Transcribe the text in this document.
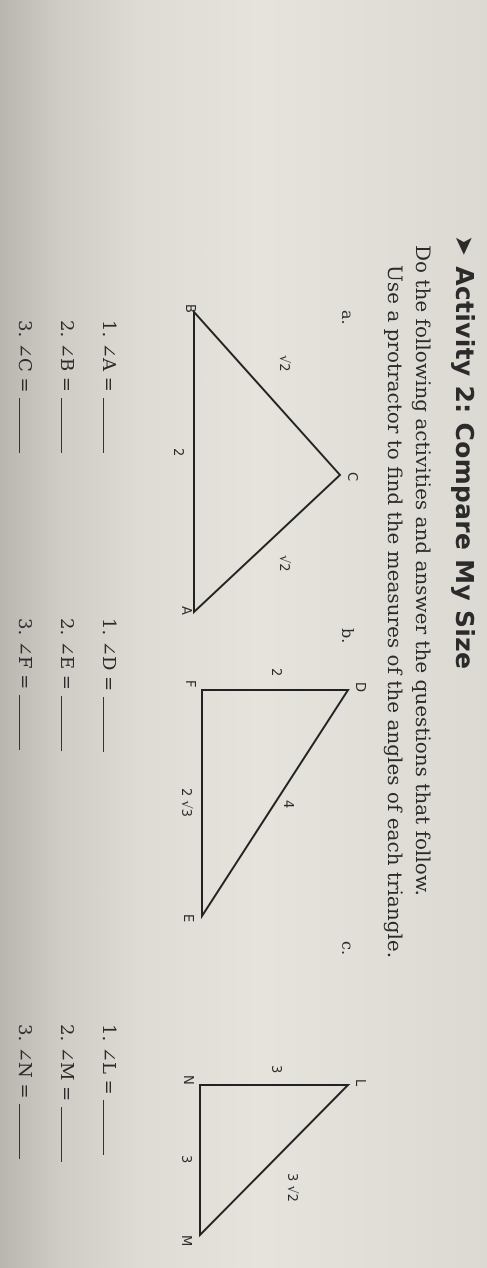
➤Activity 2: Compare My Size
Do the following activities and answer the questions that follow.
Use a protractor to find the measures of the angles of each triangle.
a.
C
B
A
√2
2
√2
b.
D
F
E
2
2 √3	4
c.
L
N
M
3
3
3 √2
1. ∠A =
2. ∠B =
3. ∠C =
1. ∠D =
2. ∠E =
3. ∠F =
1. ∠L =
2. ∠M =
3. ∠N =
